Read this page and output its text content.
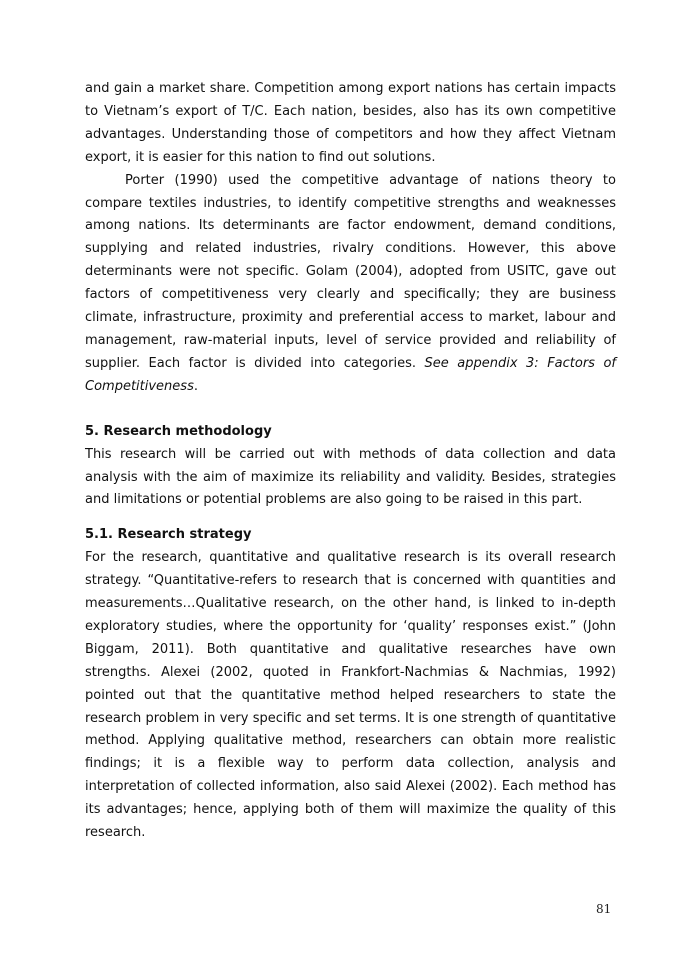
and gain a market share. Competition among export nations has certain impacts to Vietnam’s export of T/C. Each nation, besides, also has its own competitive advantages. Understanding those of competitors and how they affect Vietnam export, it is easier for this nation to find out solutions.

Porter (1990) used the competitive advantage of nations theory to compare textiles industries, to identify competitive strengths and weaknesses among nations. Its determinants are factor endowment, demand conditions, supplying and related industries, rivalry conditions. However, this above determinants were not specific. Golam (2004), adopted from USITC, gave out factors of competitiveness very clearly and specifically; they are business climate, infrastructure, proximity and preferential access to market, labour and management, raw-material inputs, level of service provided and reliability of supplier. Each factor is divided into categories. See appendix 3: Factors of Competitiveness.

5. Research methodology

This research will be carried out with methods of data collection and data analysis with the aim of maximize its reliability and validity. Besides, strategies and limitations or potential problems are also going to be raised in this part.

5.1. Research strategy

For the research, quantitative and qualitative research is its overall research strategy. “Quantitative-refers to research that is concerned with quantities and measurements…Qualitative research, on the other hand, is linked to in-depth exploratory studies, where the opportunity for ‘quality’ responses exist.” (John Biggam, 2011). Both quantitative and qualitative researches have own strengths. Alexei (2002, quoted in Frankfort-Nachmias & Nachmias, 1992) pointed out that the quantitative method helped researchers to state the research problem in very specific and set terms. It is one strength of quantitative method. Applying qualitative method, researchers can obtain more realistic findings; it is a flexible way to perform data collection, analysis and interpretation of collected information, also said Alexei (2002). Each method has its advantages; hence, applying both of them will maximize the quality of this research.

81
